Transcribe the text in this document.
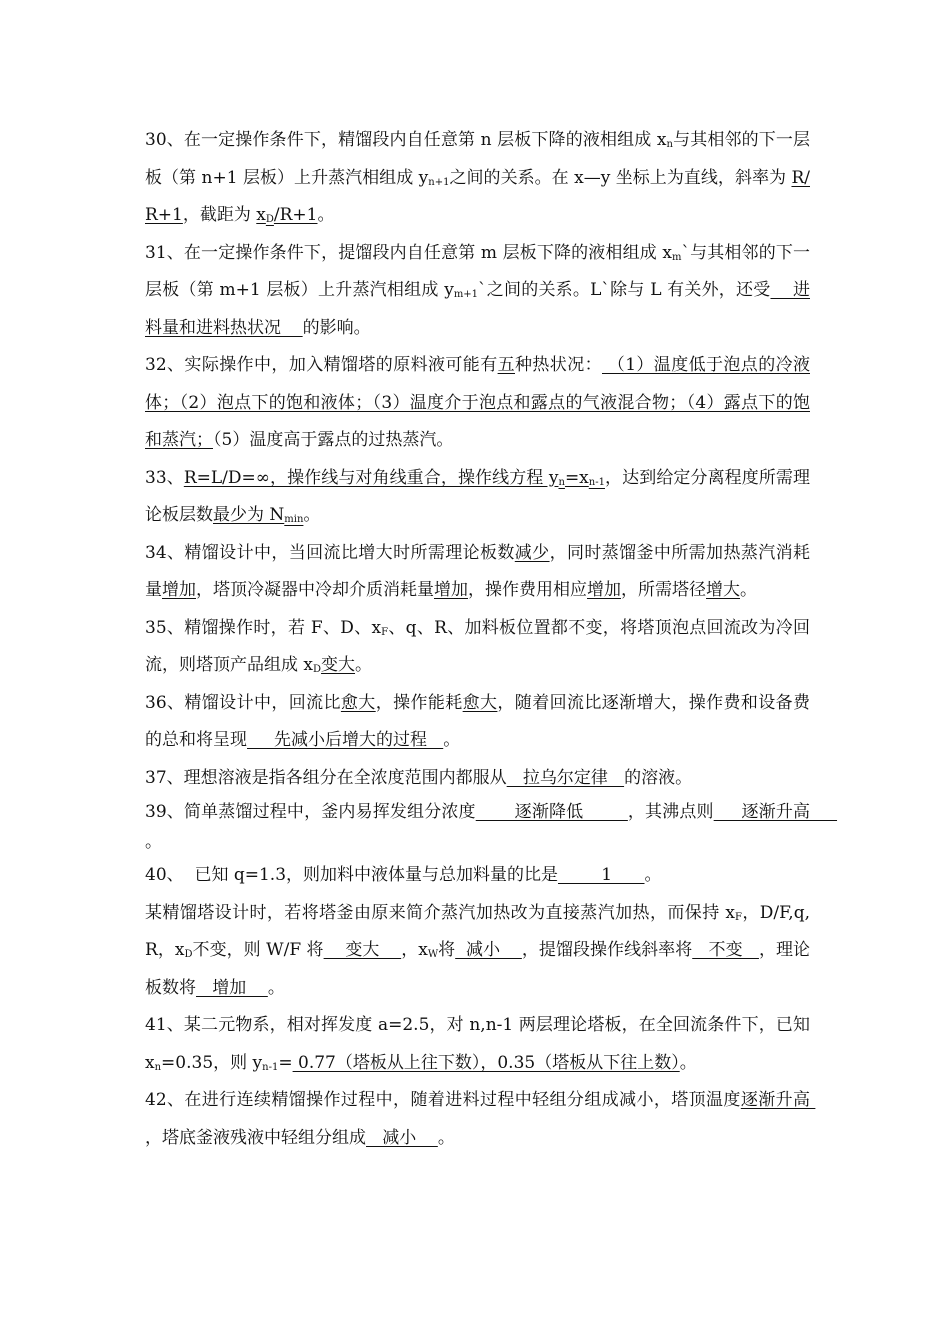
30、在一定操作条件下，精馏段内自任意第 n 层板下降的液相组成 $x_n$与其相邻的下一层板（第 n+1 层板）上升蒸汽相组成 $y_{n+1}$之间的关系。在 x—y 坐标上为直线，斜率为 R/R+1，截距为 $x_D/R+1$。

31、在一定操作条件下，提馏段内自任意第 m 层板下降的液相组成 $x_m`$与其相邻的下一层板（第 m+1 层板）上升蒸汽相组成 $y_{m+1}`$之间的关系。L`除与 L 有关外，还受    进料量和进料热状况    的影响。

32、实际操作中，加入精馏塔的原料液可能有五种热状况： （1）温度低于泡点的冷液体；（2）泡点下的饱和液体；（3）温度介于泡点和露点的气液混合物；（4）露点下的饱和蒸汽；（5）温度高于露点的过热蒸汽。

33、R=L/D=∞，操作线与对角线重合，操作线方程 $y_n=x_{n-1}$，达到给定分离程度所需理论板层数最少为 $N_{min}$。

34、精馏设计中，当回流比增大时所需理论板数减少，同时蒸馏釜中所需加热蒸汽消耗量增加，塔顶冷凝器中冷却介质消耗量增加，操作费用相应增加，所需塔径增大。

35、精馏操作时，若 F、D、$x_F$、q、R、加料板位置都不变，将塔顶泡点回流改为冷回流，则塔顶产品组成 $x_D$变大。

36、精馏设计中，回流比愈大，操作能耗愈大，随着回流比逐渐增大，操作费和设备费的总和将呈现     先减小后增大的过程   。

37、理想溶液是指各组分在全浓度范围内都服从   拉乌尔定律   的溶液。

39、简单蒸馏过程中，釜内易挥发组分浓度       逐渐降低        ，其沸点则     逐渐升高     。

40、  已知 q=1.3，则加料中液体量与总加料量的比是        1      。

某精馏塔设计时，若将塔釜由原来简介蒸汽加热改为直接蒸汽加热，而保持 $x_F$，D/F,q,R，$x_D$不变，则 W/F 将    变大    ，$x_W$将  减小    ，提馏段操作线斜率将   不变   ，理论板数将   增加    。

41、某二元物系，相对挥发度 a=2.5，对 n,n-1 两层理论塔板，在全回流条件下，已知 $x_n=0.35$，则 $y_{n-1}= 0.77$（塔板从上往下数），0.35（塔板从下往上数）。

42、在进行连续精馏操作过程中，随着进料过程中轻组分组成减小，塔顶温度逐渐升高 ，塔底釜液残液中轻组分组成   减小    。
